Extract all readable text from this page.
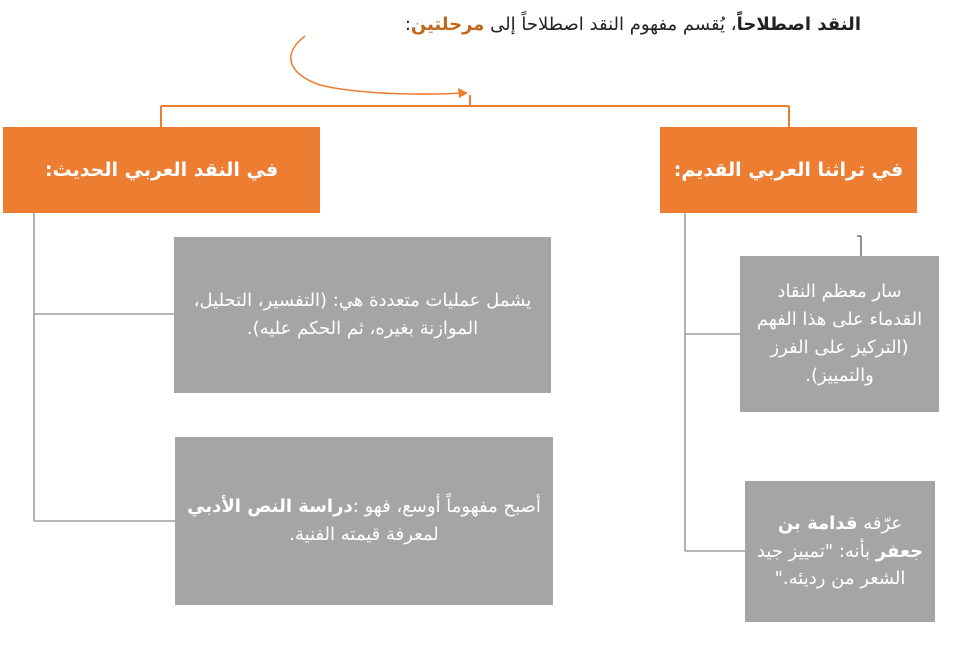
النقد اصطلاحاً، يُقسم مفهوم النقد اصطلاحاً إلى مرحلتين:
في تراثنا العربي القديم:
في النقد العربي الحديث:
يشمل عمليات متعددة هي: (التفسير، التحليل، الموازنة بغيره، ثم الحكم عليه).
أصبح مفهوماً أوسع، فهو :دراسة النص الأدبي لمعرفة قيمته الفنية.
سار معظم النقاد القدماء على هذا الفهم (التركيز على الفرز والتمييز).
عرّفه قدامة بن جعفر بأنه: "تمييز جيد الشعر من رديئه."
